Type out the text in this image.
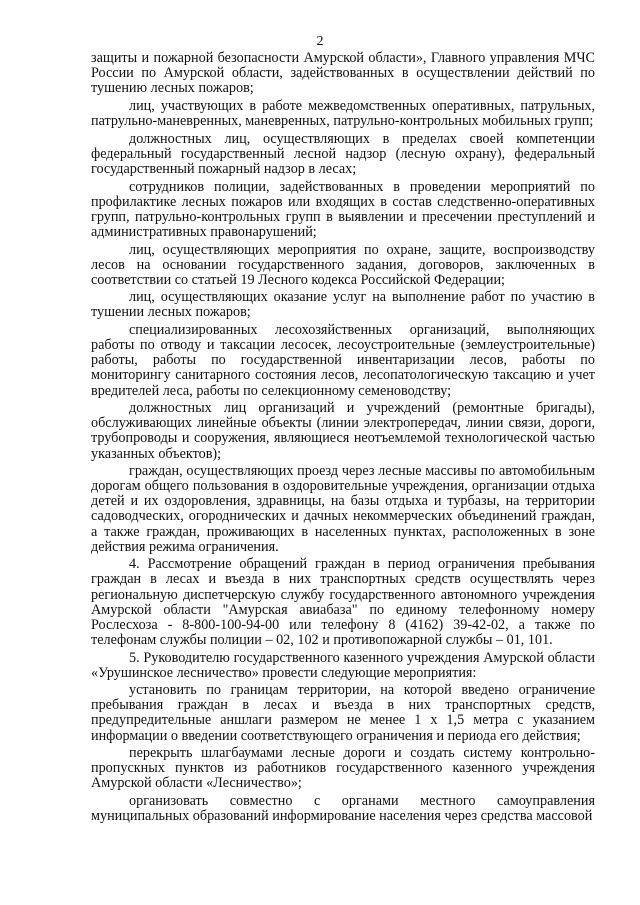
2

защиты и пожарной безопасности Амурской области», Главного управления МЧС России по Амурской области, задействованных в осуществлении действий по тушению лесных пожаров;

лиц, участвующих в работе межведомственных оперативных, патрульных, патрульно-маневренных, маневренных, патрульно-контрольных мобильных групп;

должностных лиц, осуществляющих в пределах своей компетенции федеральный государственный лесной надзор (лесную охрану), федеральный государственный пожарный надзор в лесах;

сотрудников полиции, задействованных в проведении мероприятий по профилактике лесных пожаров или входящих в состав следственно-оперативных групп, патрульно-контрольных групп в выявлении и пресечении преступлений и административных правонарушений;

лиц, осуществляющих мероприятия по охране, защите, воспроизводству лесов на основании государственного задания, договоров, заключенных в соответствии со статьей 19 Лесного кодекса Российской Федерации;

лиц, осуществляющих оказание услуг на выполнение работ по участию в тушении лесных пожаров;

специализированных лесохозяйственных организаций, выполняющих работы по отводу и таксации лесосек, лесоустроительные (землеустроительные) работы, работы по государственной инвентаризации лесов, работы по мониторингу санитарного состояния лесов, лесопатологическую таксацию и учет вредителей леса, работы по селекционному семеноводству;

должностных лиц организаций и учреждений (ремонтные бригады), обслуживающих линейные объекты (линии электропередач, линии связи, дороги, трубопроводы и сооружения, являющиеся неотъемлемой технологической частью указанных объектов);

граждан, осуществляющих проезд через лесные массивы по автомобильным дорогам общего пользования в оздоровительные учреждения, организации отдыха детей и их оздоровления, здравницы, на базы отдыха и турбазы, на территории садоводческих, огороднических и дачных некоммерческих объединений граждан, а также граждан, проживающих в населенных пунктах, расположенных в зоне действия режима ограничения.

4. Рассмотрение обращений граждан в период ограничения пребывания граждан в лесах и въезда в них транспортных средств осуществлять через региональную диспетчерскую службу государственного автономного учреждения Амурской области "Амурская авиабаза" по единому телефонному номеру Рослесхоза - 8-800-100-94-00 или телефону 8 (4162) 39-42-02, а также по телефонам службы полиции – 02, 102 и противопожарной службы – 01, 101.

5. Руководителю государственного казенного учреждения Амурской области «Урушинское лесничество» провести следующие мероприятия:

установить по границам территории, на которой введено ограничение пребывания граждан в лесах и въезда в них транспортных средств, предупредительные аншлаги размером не менее 1 х 1,5 метра с указанием информации о введении соответствующего ограничения и периода его действия;

перекрыть шлагбаумами лесные дороги и создать систему контрольно-пропускных пунктов из работников государственного казенного учреждения Амурской области «Лесничество»;

организовать совместно с органами местного самоуправления муниципальных образований информирование населения через средства массовой
